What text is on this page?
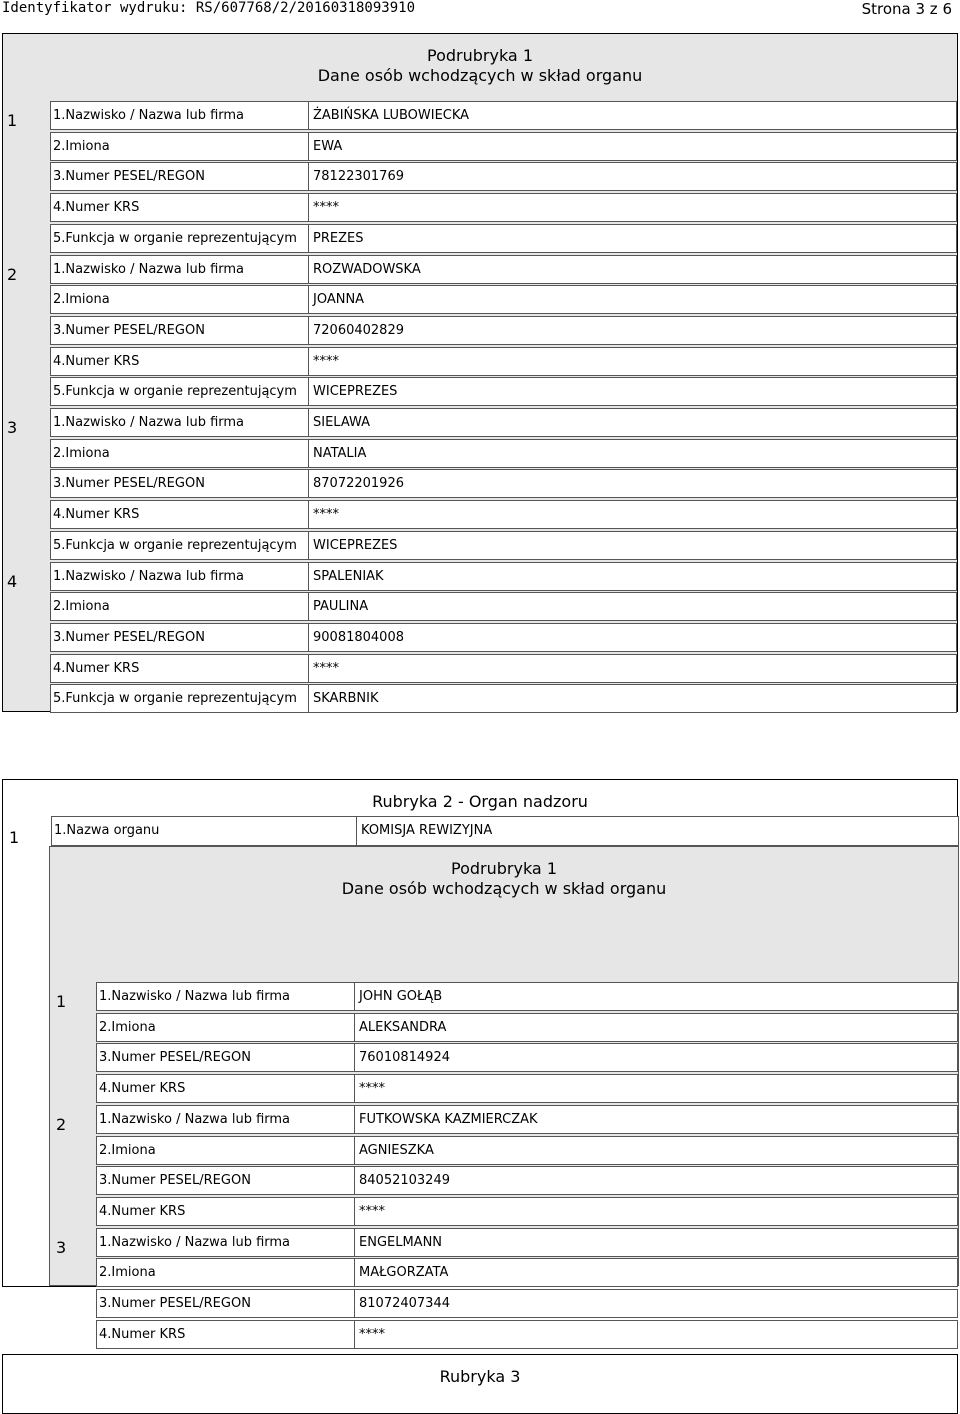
Identyfikator wydruku: RS/607768/2/20160318093910	Strona 3 z 6
Podrubryka 1
Dane osób wchodzących w skład organu
1	1.Nazwisko / Nazwa lub firma	ŻABIŃSKA LUBOWIECKA
2.Imiona	EWA
3.Numer PESEL/REGON	78122301769
4.Numer KRS	****
5.Funkcja w organie reprezentującym	PREZES
2	1.Nazwisko / Nazwa lub firma	ROZWADOWSKA
2.Imiona	JOANNA
3.Numer PESEL/REGON	72060402829
4.Numer KRS	****
5.Funkcja w organie reprezentującym	WICEPREZES
3	1.Nazwisko / Nazwa lub firma	SIELAWA
2.Imiona	NATALIA
3.Numer PESEL/REGON	87072201926
4.Numer KRS	****
5.Funkcja w organie reprezentującym	WICEPREZES
4	1.Nazwisko / Nazwa lub firma	SPALENIAK
2.Imiona	PAULINA
3.Numer PESEL/REGON	90081804008
4.Numer KRS	****
5.Funkcja w organie reprezentującym	SKARBNIK
Rubryka 2 - Organ nadzoru
1	1.Nazwa organu	KOMISJA REWIZYJNA
Podrubryka 1
Dane osób wchodzących w skład organu
1	1.Nazwisko / Nazwa lub firma	JOHN GOŁĄB
2.Imiona	ALEKSANDRA
3.Numer PESEL/REGON	76010814924
4.Numer KRS	****
2	1.Nazwisko / Nazwa lub firma	FUTKOWSKA KAZMIERCZAK
2.Imiona	AGNIESZKA
3.Numer PESEL/REGON	84052103249
4.Numer KRS	****
3	1.Nazwisko / Nazwa lub firma	ENGELMANN
2.Imiona	MAŁGORZATA
3.Numer PESEL/REGON	81072407344
4.Numer KRS	****
Rubryka 3
